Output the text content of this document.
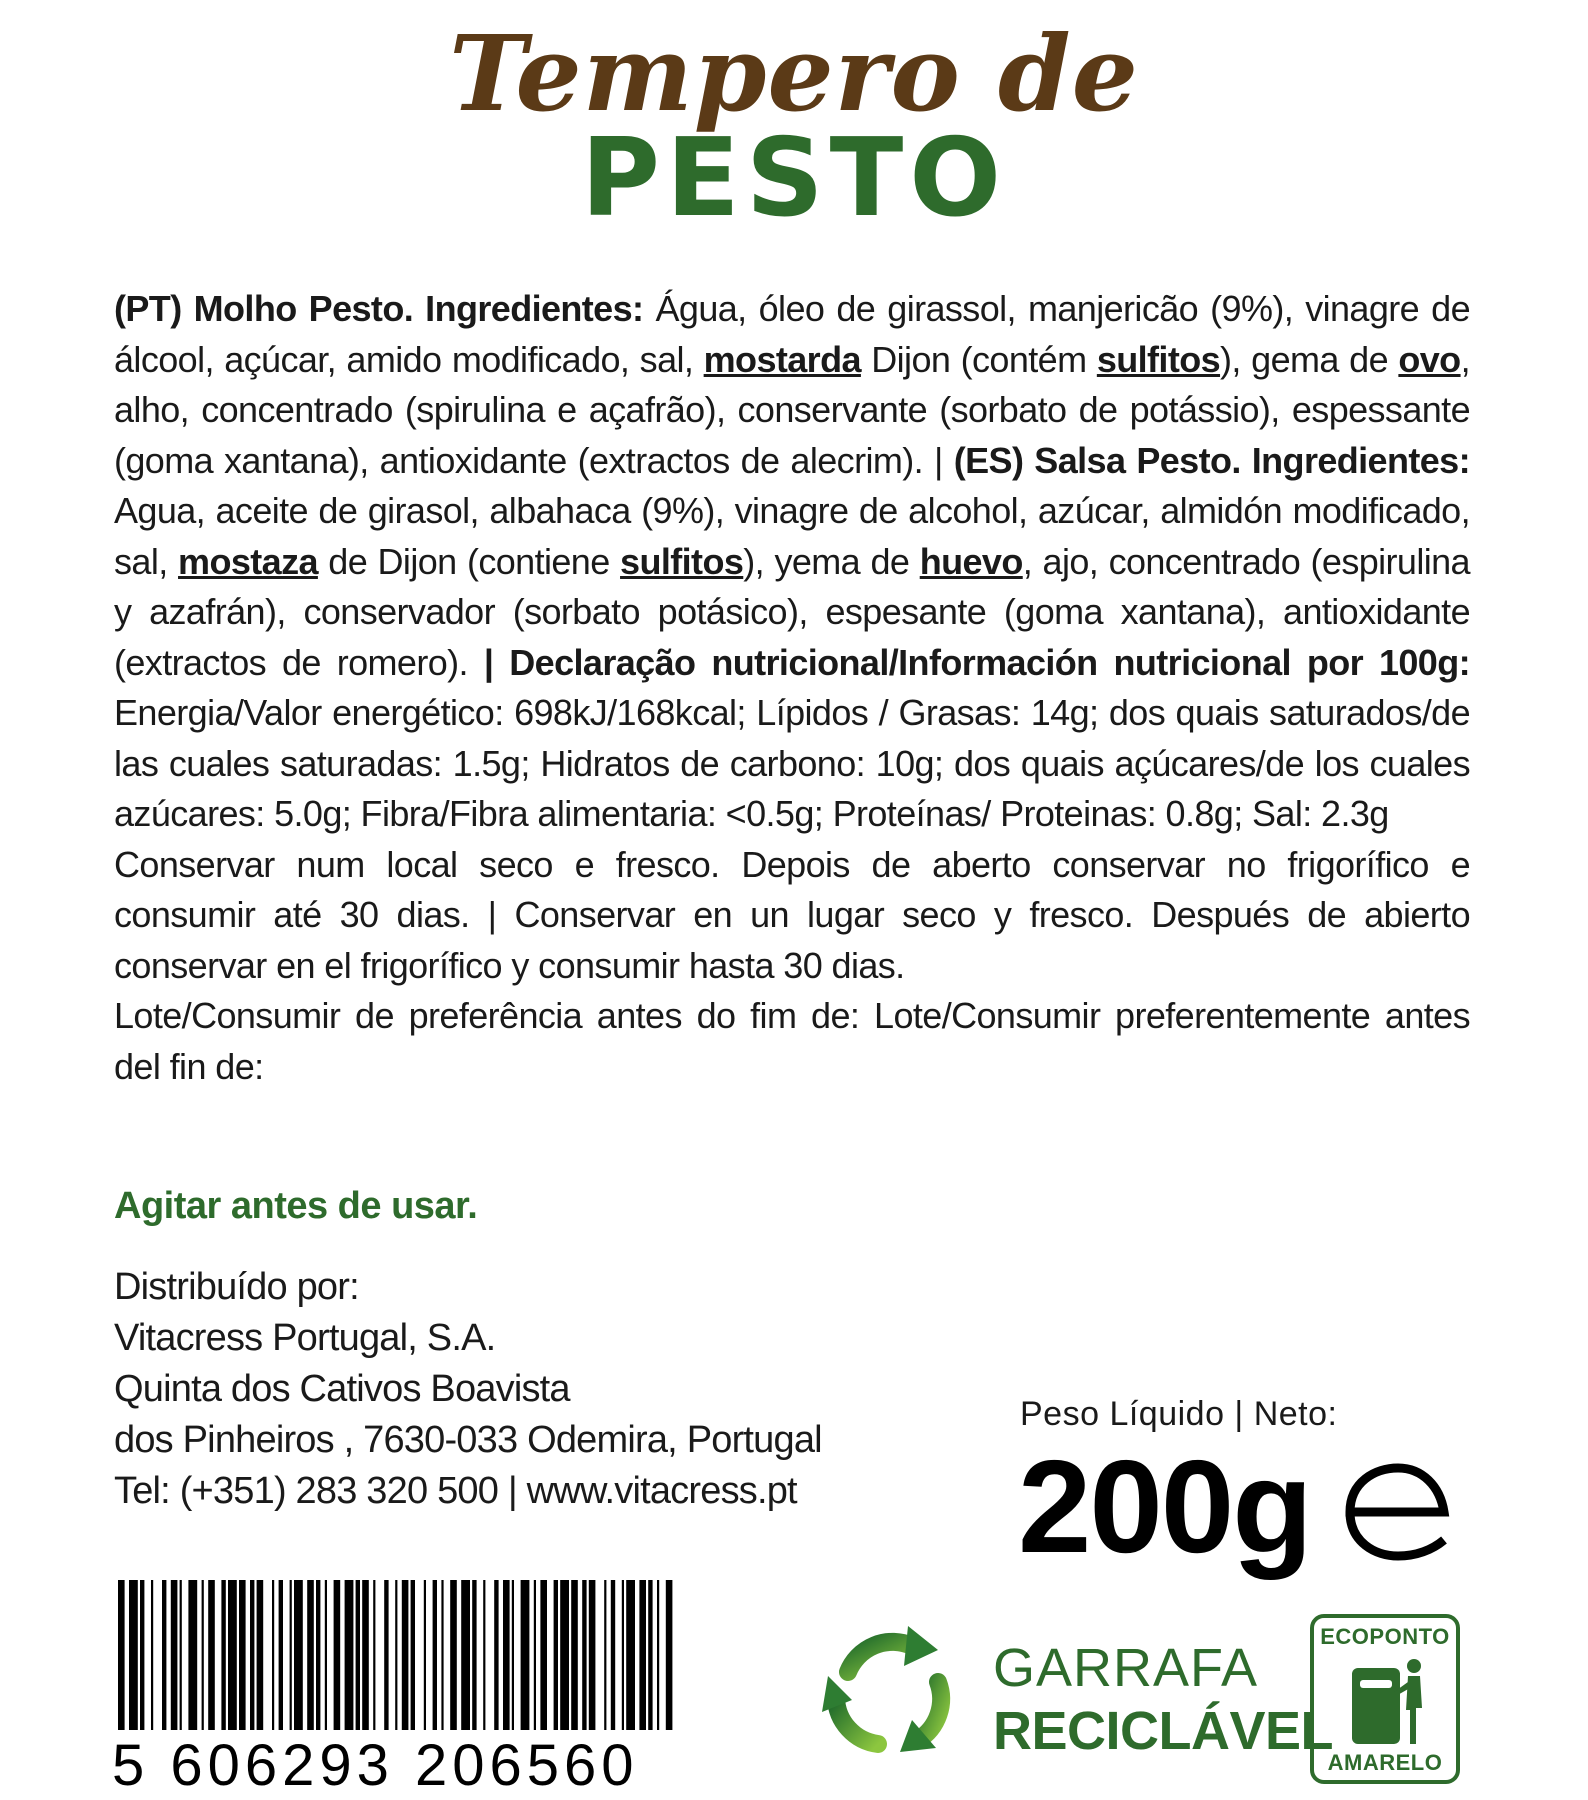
Tempero de
PESTO

(PT) Molho Pesto. Ingredientes: Água, óleo de girassol, manjericão (9%), vinagre de álcool, açúcar, amido modificado, sal, mostarda Dijon (contém sulfitos), gema de ovo, alho, concentrado (spirulina e açafrão), conservante (sorbato de potássio), espessante (goma xantana), antioxidante (extractos de alecrim). | (ES) Salsa Pesto. Ingredientes: Agua, aceite de girasol, albahaca (9%), vinagre de alcohol, azúcar, almidón modificado, sal, mostaza de Dijon (contiene sulfitos), yema de huevo, ajo, concentrado (espirulina y azafrán), conservador (sorbato potásico), espesante (goma xantana), antioxidante (extractos de romero). | Declaração nutricional/Información nutricional por 100g: Energia/Valor energético: 698kJ/168kcal; Lípidos / Grasas: 14g; dos quais saturados/de las cuales saturadas: 1.5g; Hidratos de carbono: 10g; dos quais açúcares/de los cuales azúcares: 5.0g; Fibra/Fibra alimentaria: <0.5g; Proteínas/ Proteinas: 0.8g; Sal: 2.3g

Conservar num local seco e fresco. Depois de aberto conservar no frigorífico e consumir até 30 dias. | Conservar en un lugar seco y fresco. Después de abierto conservar en el frigorífico y consumir hasta 30 dias.

Lote/Consumir de preferência antes do fim de: Lote/Consumir preferentemente antes del fin de:

Agitar antes de usar.
Distribuído por:
Vitacress Portugal, S.A.
Quinta dos Cativos Boavista
dos Pinheiros , 7630-033 Odemira, Portugal
Tel: (+351) 283 320 500 | www.vitacress.pt
Peso Líquido | Neto:
200g
5 606293 206560
GARRAFA
RECICLÁVEL
ECOPONTO
AMARELO
